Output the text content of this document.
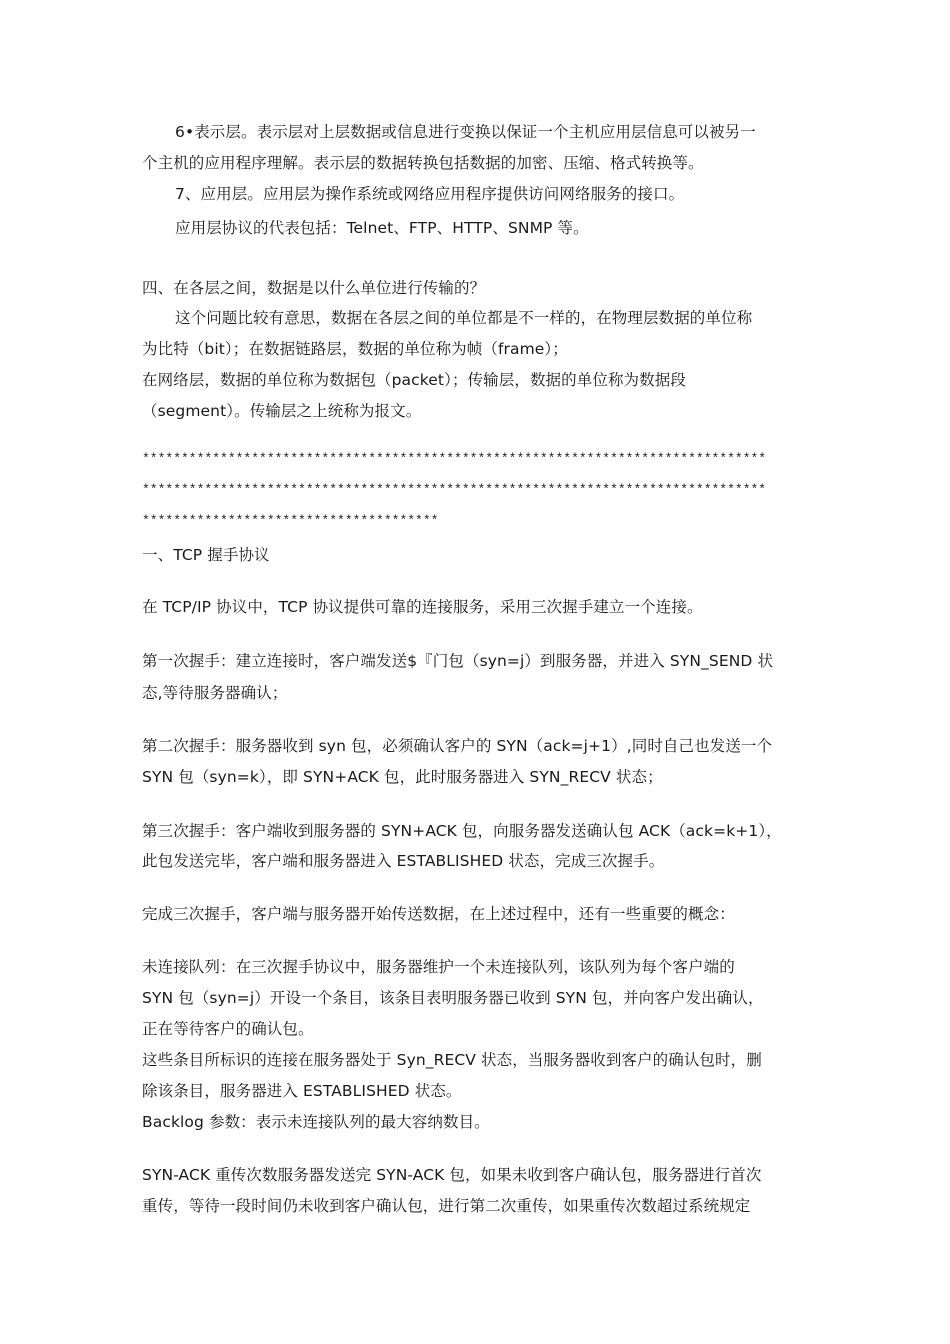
6•表示层。表示层对上层数据或信息进行变换以保证一个主机应用层信息可以被另一
个主机的应用程序理解。表示层的数据转换包括数据的加密、压缩、格式转换等。
7、应用层。应用层为操作系统或网络应用程序提供访问网络服务的接口。
应用层协议的代表包括：Telnet、FTP、HTTP、SNMP 等。
四、在各层之间，数据是以什么单位进行传输的？
这个问题比较有意思，数据在各层之间的单位都是不一样的，在物理层数据的单位称
为比特（bit）；在数据链路层，数据的单位称为帧（frame）；
在网络层，数据的单位称为数据包（packet）；传输层，数据的单位称为数据段
（segment）。传输层之上统称为报文。
********************************************************************************
********************************************************************************
**************************************
一、TCP 握手协议
在 TCP/IP 协议中，TCP 协议提供可靠的连接服务，采用三次握手建立一个连接。
第一次握手：建立连接时，客户端发送$『门包（syn=j）到服务器，并进入 SYN_SEND 状
态,等待服务器确认；
第二次握手：服务器收到 syn 包，必须确认客户的 SYN（ack=j+1）,同时自己也发送一个
SYN 包（syn=k），即 SYN+ACK 包，此时服务器进入 SYN_RECV 状态；
第三次握手：客户端收到服务器的 SYN+ACK 包，向服务器发送确认包 ACK（ack=k+1），
此包发送完毕，客户端和服务器进入 ESTABLISHED 状态，完成三次握手。
完成三次握手，客户端与服务器开始传送数据，在上述过程中，还有一些重要的概念：
未连接队列：在三次握手协议中，服务器维护一个未连接队列，该队列为每个客户端的
SYN 包（syn=j）开设一个条目，该条目表明服务器已收到 SYN 包，并向客户发出确认，
正在等待客户的确认包。
这些条目所标识的连接在服务器处于 Syn_RECV 状态，当服务器收到客户的确认包时，删
除该条目，服务器进入 ESTABLISHED 状态。
Backlog 参数：表示未连接队列的最大容纳数目。
SYN-ACK 重传次数服务器发送完 SYN-ACK 包，如果未收到客户确认包，服务器进行首次
重传，等待一段时间仍未收到客户确认包，进行第二次重传，如果重传次数超过系统规定
